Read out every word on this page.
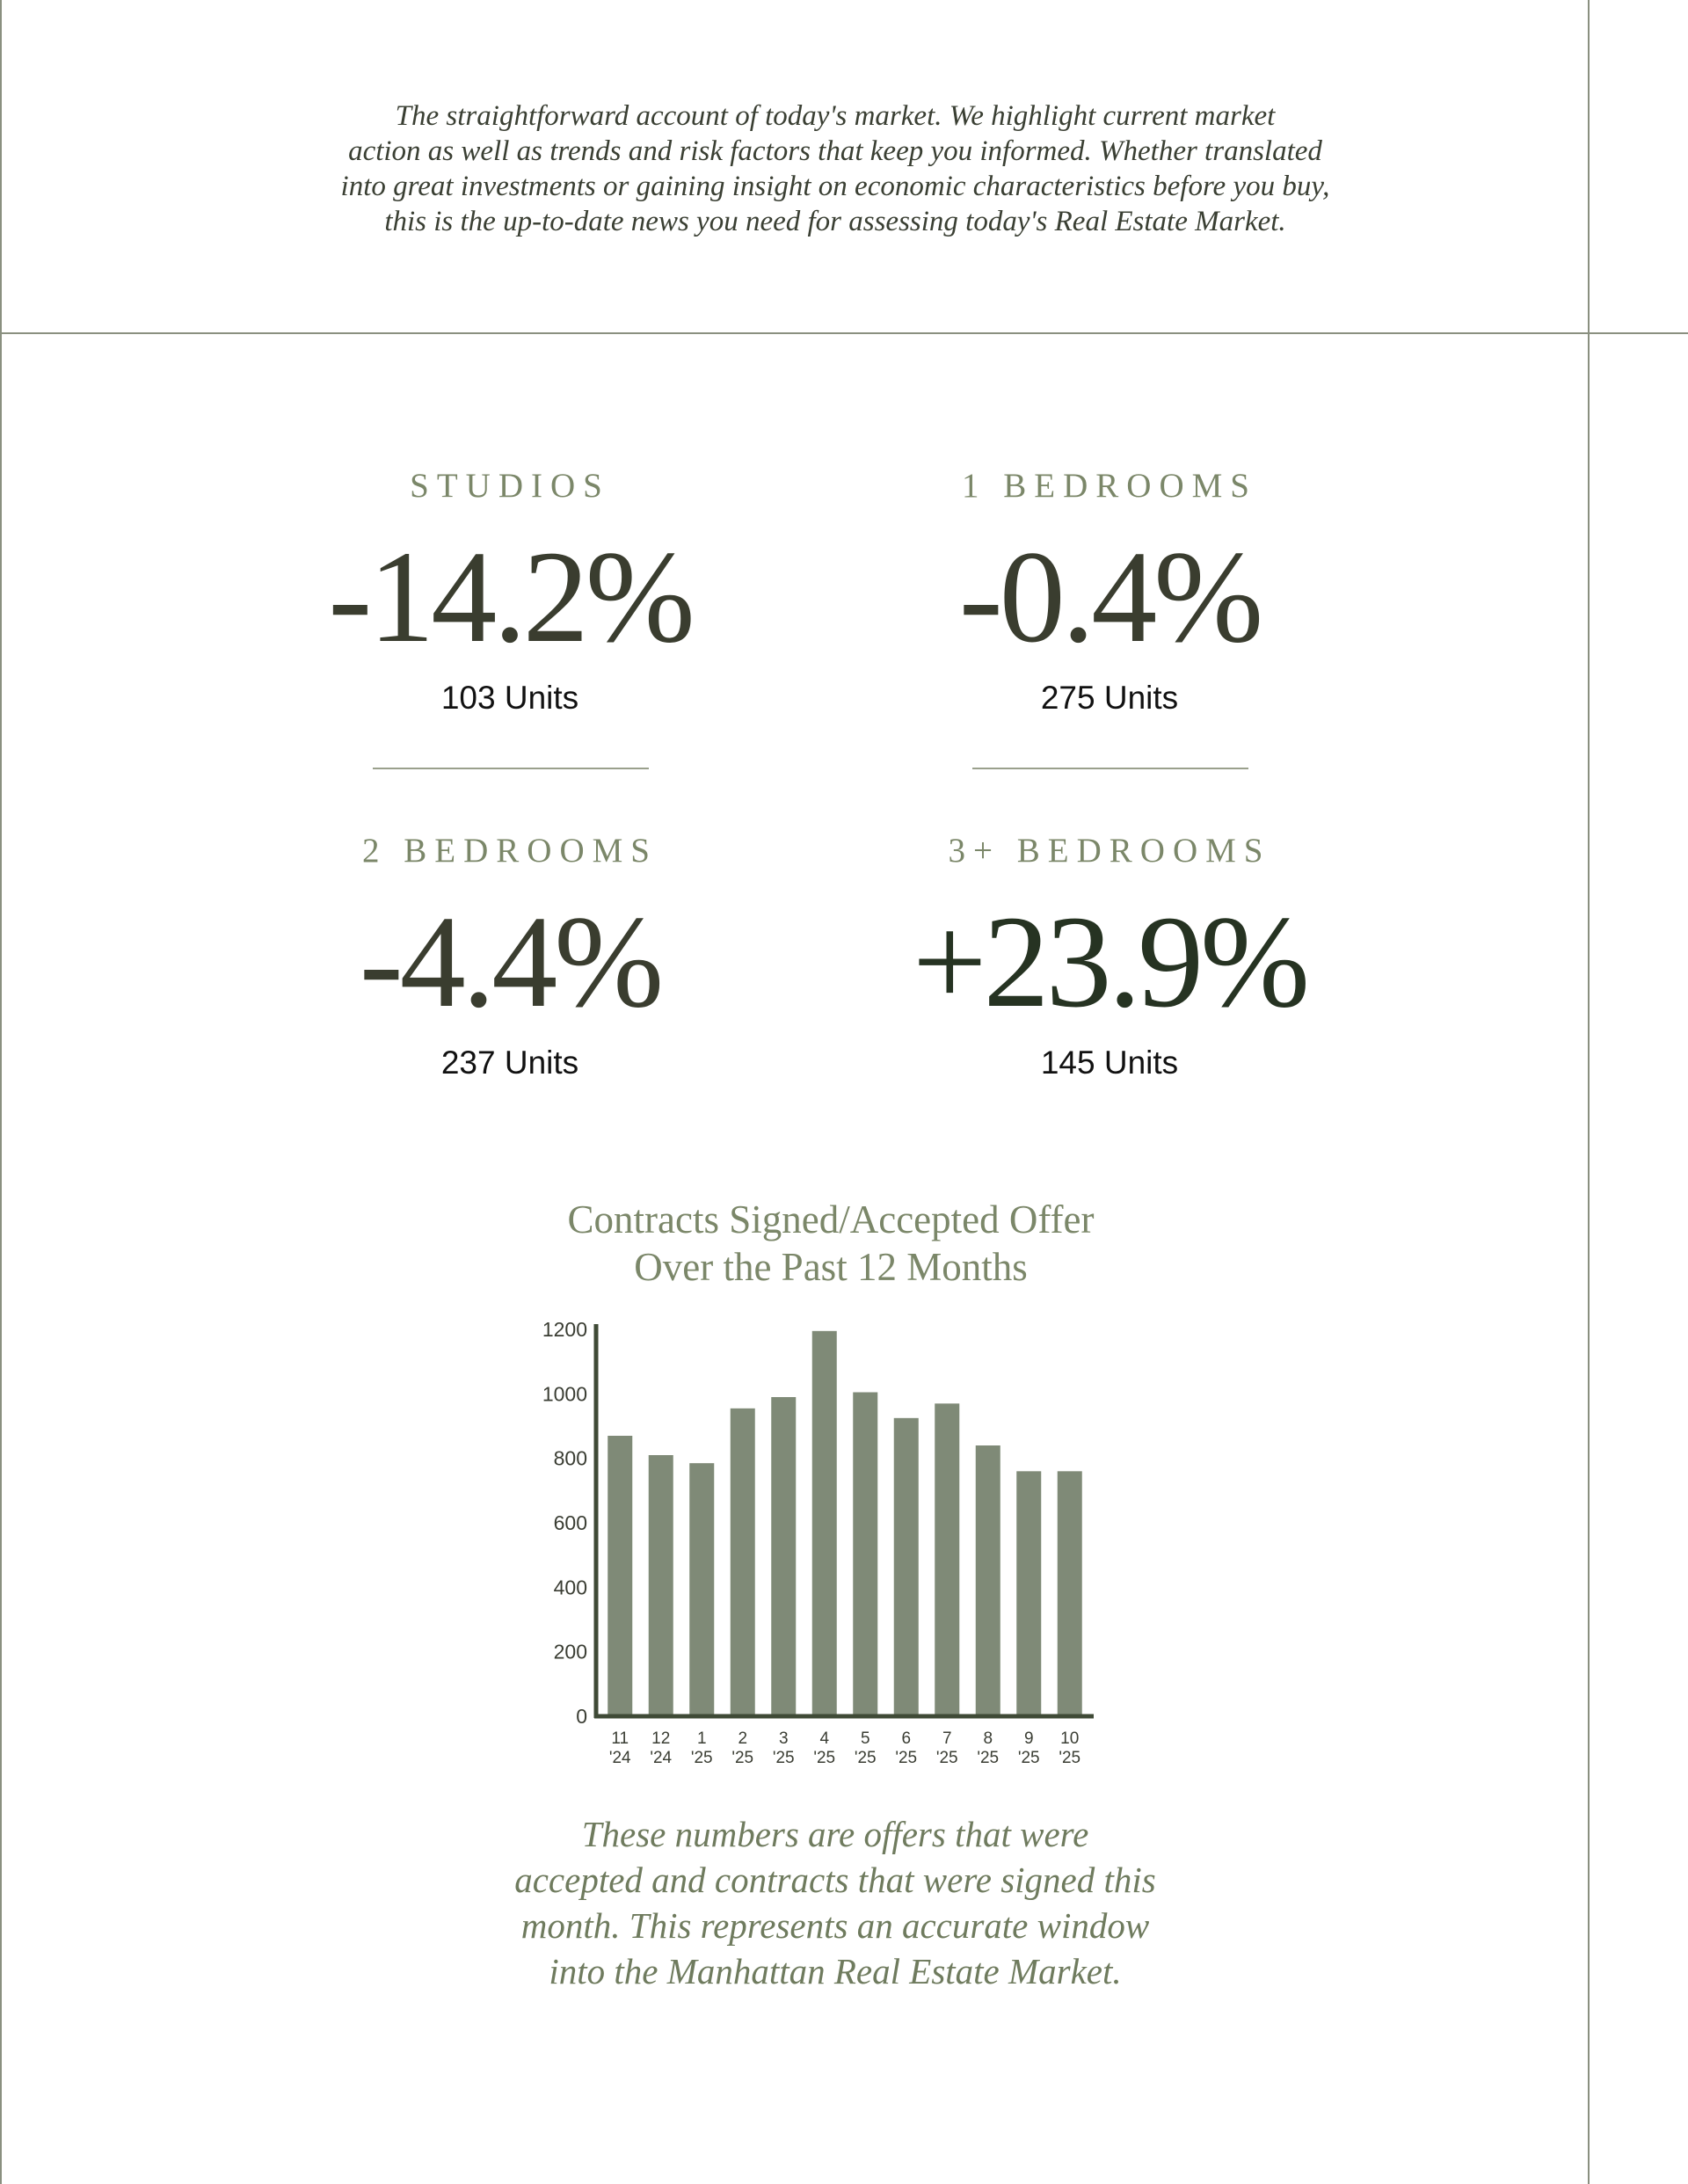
The straightforward account of today's market. We highlight current market
action as well as trends and risk factors that keep you informed. Whether translated
into great investments or gaining insight on economic characteristics before you buy,
this is the up-to-date news you need for assessing today's Real Estate Market.

STUDIOS
-14.2%
103 Units
1 BEDROOMS
-0.4%
275 Units
2 BEDROOMS
-4.4%
237 Units
3+ BEDROOMS
+23.9%
145 Units

Contracts Signed/Accepted Offer
Over the Past 12 Months

0
200
400
600
800
1000
1200
11
'24
12
'24
1
'25
2
'25
3
'25
4
'25
5
'25
6
'25
7
'25
8
'25
9
'25
10
'25

These numbers are offers that were
accepted and contracts that were signed this
month. This represents an accurate window
into the Manhattan Real Estate Market.
